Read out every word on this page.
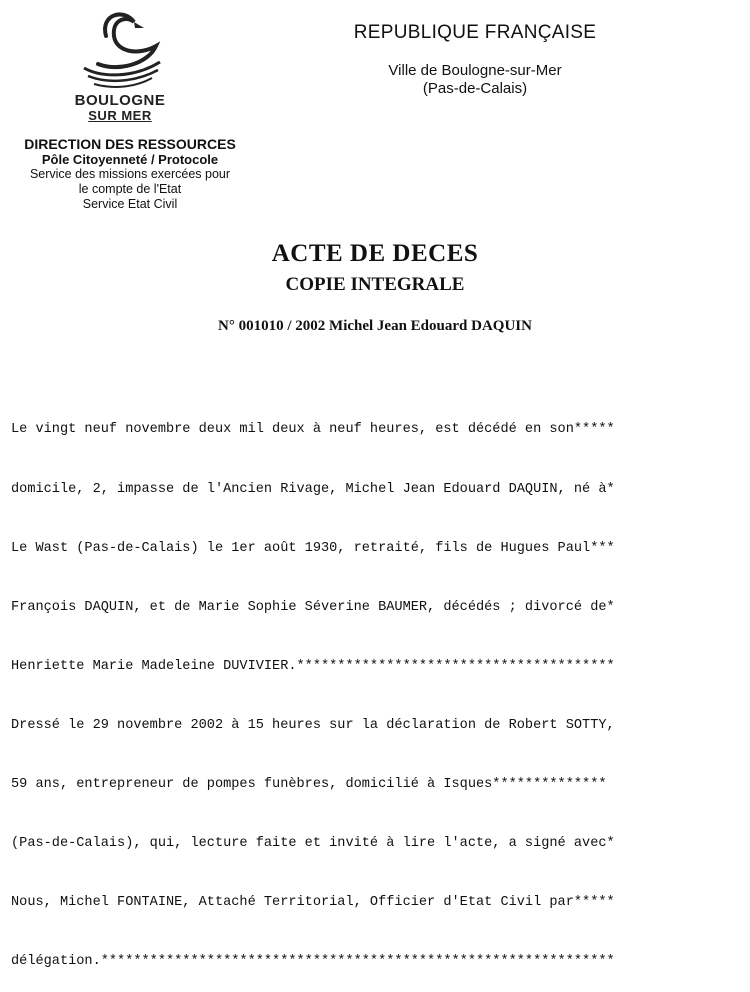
BOULOGNE
SUR MER
REPUBLIQUE FRANÇAISE
Ville de Boulogne-sur-Mer
(Pas-de-Calais)
DIRECTION DES RESSOURCES
Pôle Citoyenneté / Protocole
Service des missions exercées pour
le compte de l'Etat
Service Etat Civil
ACTE DE DECES
COPIE INTEGRALE
N° 001010 / 2002 Michel Jean Edouard DAQUIN

Le vingt neuf novembre deux mil deux à neuf heures, est décédé en son*****

domicile, 2, impasse de l'Ancien Rivage, Michel Jean Edouard DAQUIN, né à*

Le Wast (Pas-de-Calais) le 1er août 1930, retraité, fils de Hugues Paul***

François DAQUIN, et de Marie Sophie Séverine BAUMER, décédés ; divorcé de*

Henriette Marie Madeleine DUVIVIER.***************************************

Dressé le 29 novembre 2002 à 15 heures sur la déclaration de Robert SOTTY,

59 ans, entrepreneur de pompes funèbres, domicilié à Isques**************

(Pas-de-Calais), qui, lecture faite et invité à lire l'acte, a signé avec*

Nous, Michel FONTAINE, Attaché Territorial, Officier d'Etat Civil par*****

délégation.***************************************************************
